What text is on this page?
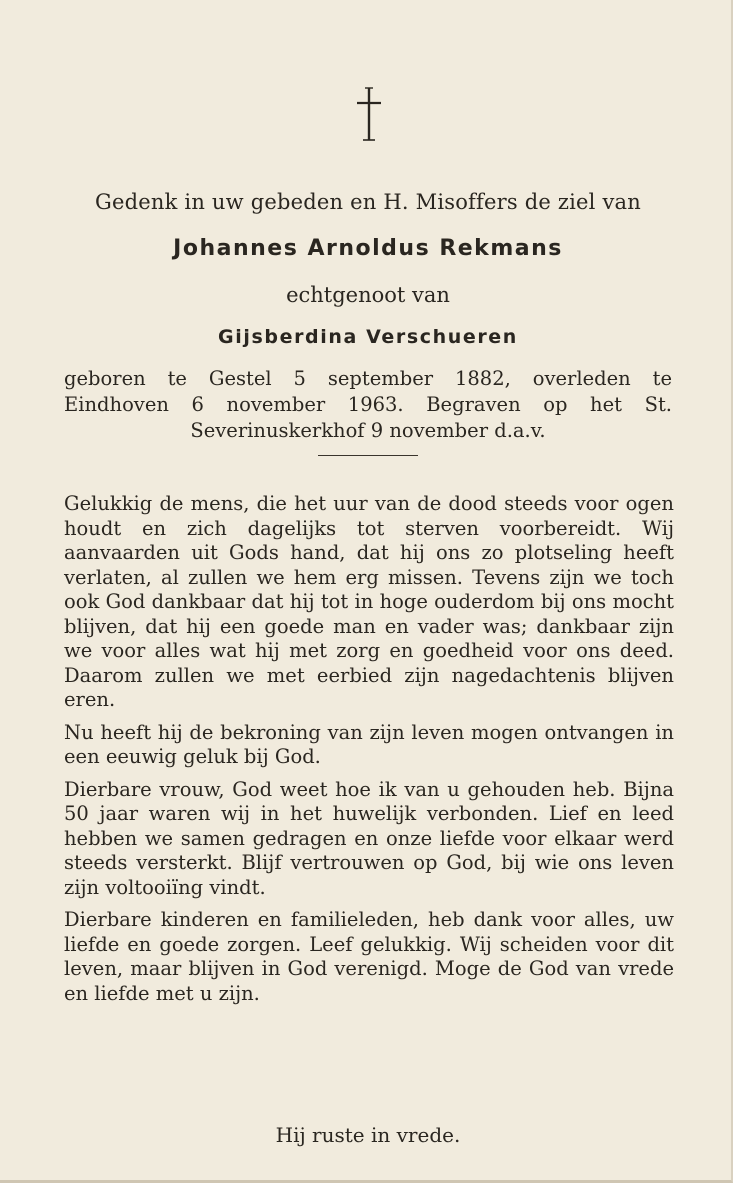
Gedenk in uw gebeden en H. Misoffers de ziel van
Johannes Arnoldus Rekmans
echtgenoot van
Gijsberdina Verschueren
geboren te Gestel 5 september 1882, overleden te Eindhoven 6 november 1963. Begraven op het St. Severinuskerkhof 9 november d.a.v.

Gelukkig de mens, die het uur van de dood steeds voor ogen houdt en zich dagelijks tot sterven voorbereidt. Wij aanvaarden uit Gods hand, dat hij ons zo plotseling heeft verlaten, al zullen we hem erg missen. Tevens zijn we toch ook God dankbaar dat hij tot in hoge ouderdom bij ons mocht blijven, dat hij een goede man en vader was; dankbaar zijn we voor alles wat hij met zorg en goedheid voor ons deed. Daarom zullen we met eerbied zijn nagedachtenis blijven eren.

Nu heeft hij de bekroning van zijn leven mogen ontvangen in een eeuwig geluk bij God.

Dierbare vrouw, God weet hoe ik van u gehouden heb. Bijna 50 jaar waren wij in het huwelijk verbonden. Lief en leed hebben we samen gedragen en onze liefde voor elkaar werd steeds versterkt. Blijf vertrouwen op God, bij wie ons leven zijn voltooiïng vindt.

Dierbare kinderen en familieleden, heb dank voor alles, uw liefde en goede zorgen. Leef gelukkig. Wij scheiden voor dit leven, maar blijven in God verenigd. Moge de God van vrede en liefde met u zijn.

Hij ruste in vrede.
